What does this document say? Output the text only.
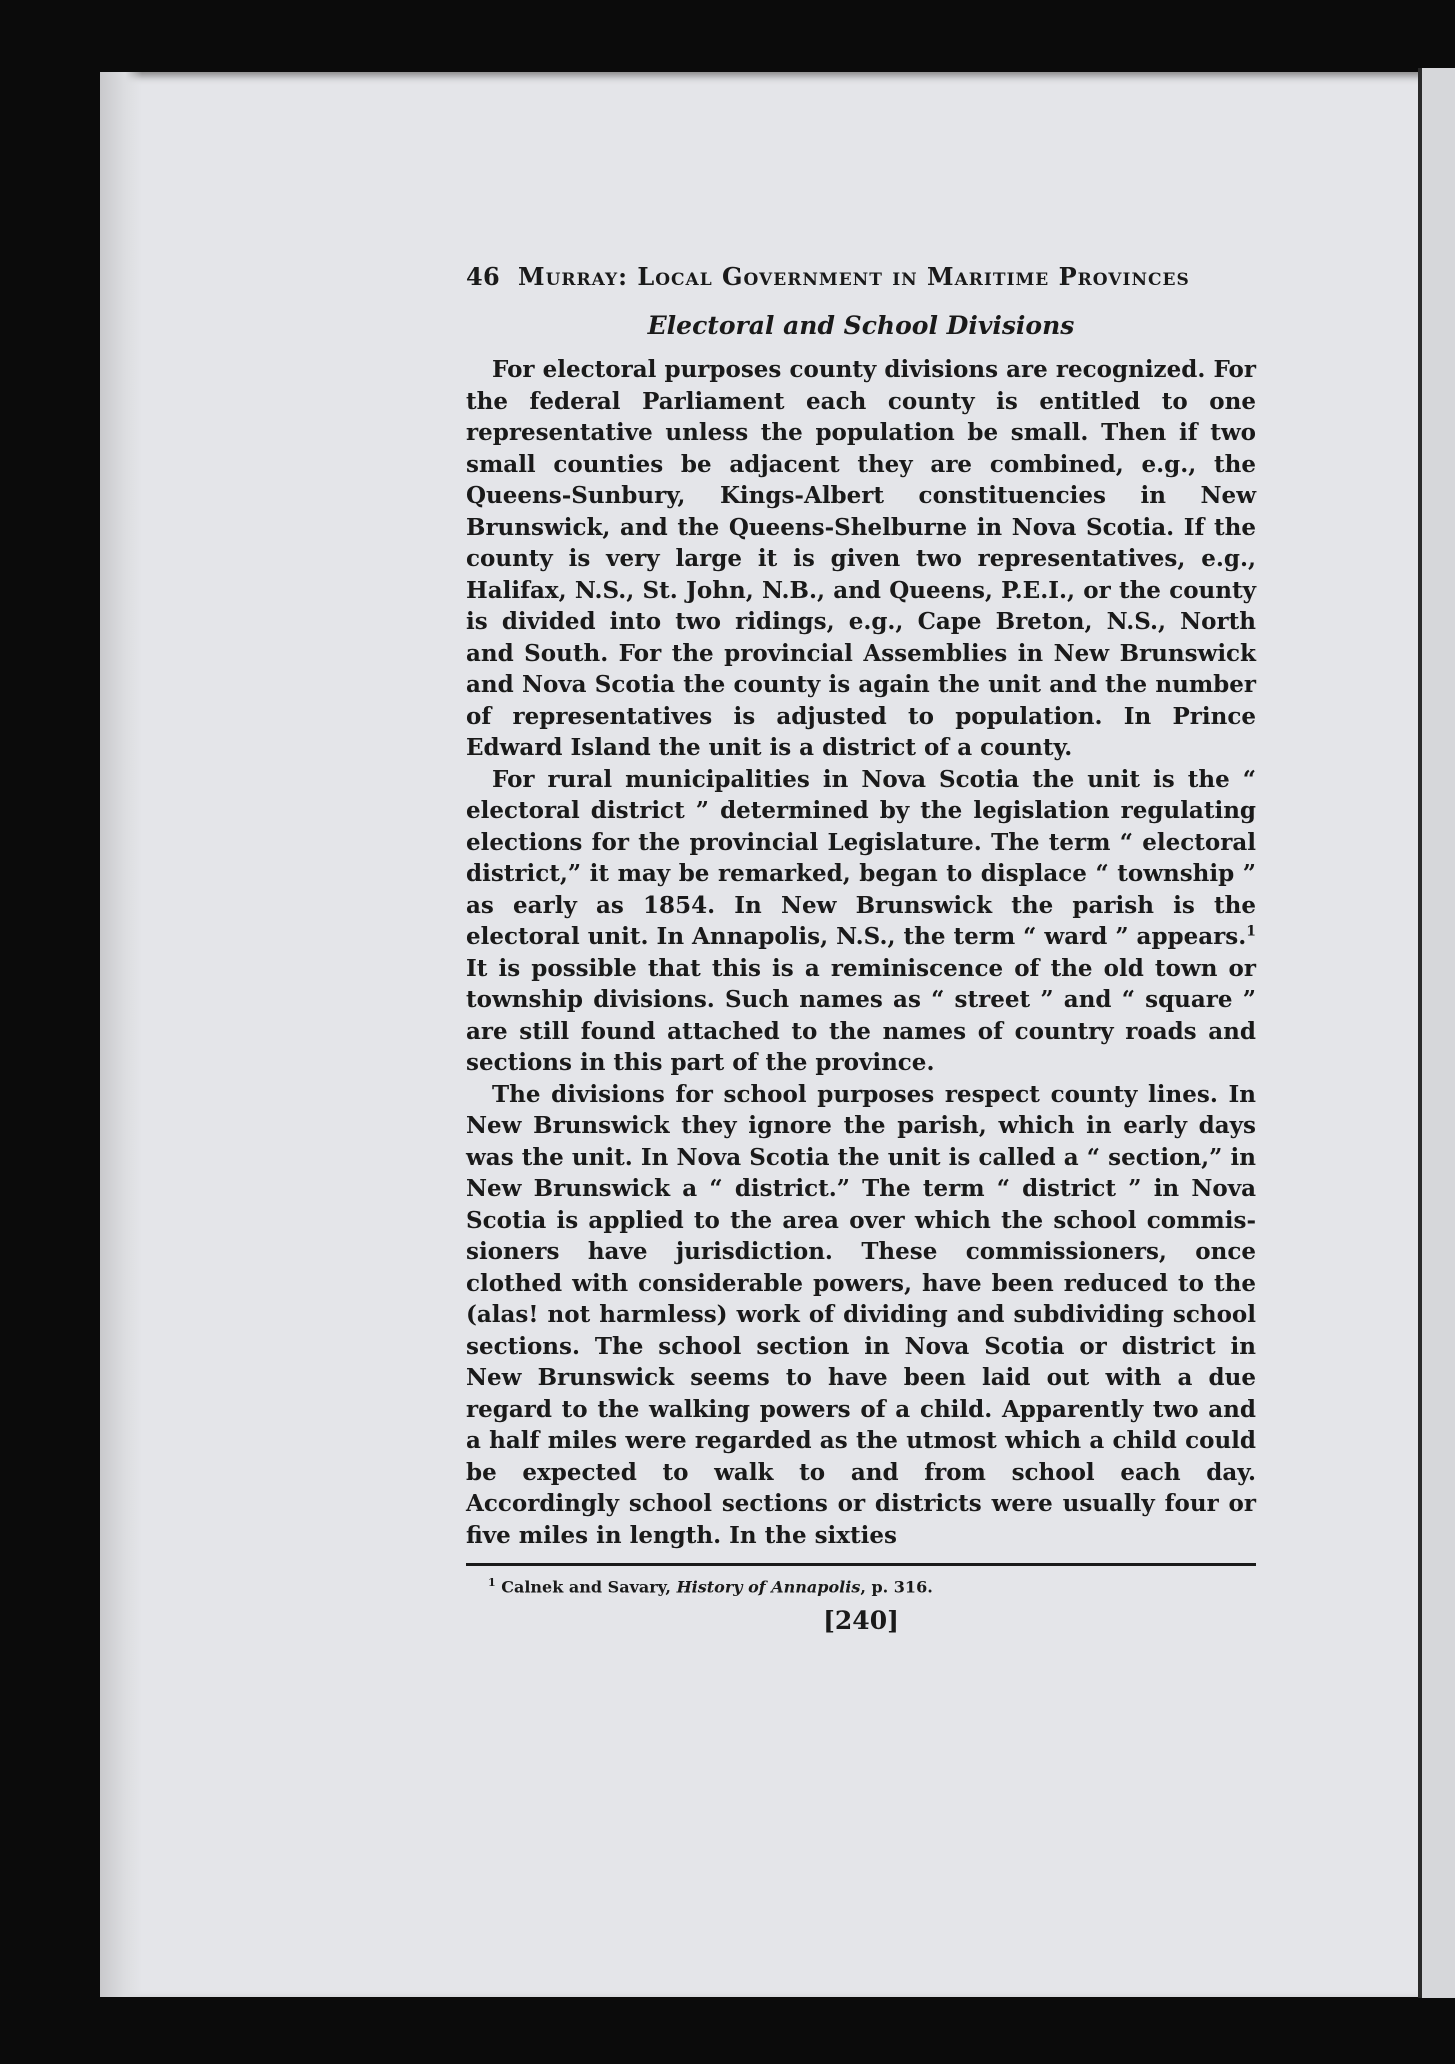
46 Murray: Local Government in Maritime Provinces
Electoral and School Divisions

For electoral purposes county divisions are recognized. For the federal Parliament each county is entitled to one representative unless the population be small. Then if two small counties be adjacent they are combined, e.g., the Queens-Sunbury, Kings-Albert constituencies in New Brunswick, and the Queens-Shelburne in Nova Scotia. If the county is very large it is given two representatives, e.g., Halifax, N.S., St. John, N.B., and Queens, P.E.I., or the county is divided into two ridings, e.g., Cape Breton, N.S., North and South. For the provincial Assemblies in New Brunswick and Nova Scotia the county is again the unit and the number of representatives is adjusted to population. In Prince Edward Island the unit is a district of a county.

For rural municipalities in Nova Scotia the unit is the “ electoral district ” determined by the legislation regulating elections for the provincial Legislature. The term “ electoral district,” it may be remarked, began to displace “ township ” as early as 1854. In New Brunswick the parish is the electoral unit. In Annapolis, N.S., the term “ ward ” appears.$^1$ It is possible that this is a reminiscence of the old town or township divisions. Such names as “ street ” and “ square ” are still found attached to the names of country roads and sections in this part of the province.

The divisions for school purposes respect county lines. In New Brunswick they ignore the parish, which in early days was the unit. In Nova Scotia the unit is called a “ section,” in New Brunswick a “ district.” The term “ district ” in Nova Scotia is applied to the area over which the school commissioners have jurisdiction. These commissioners, once clothed with considerable powers, have been reduced to the (alas! not harmless) work of dividing and subdividing school sections. The school section in Nova Scotia or district in New Brunswick seems to have been laid out with a due regard to the walking powers of a child. Apparently two and a half miles were regarded as the utmost which a child could be expected to walk to and from school each day. Accordingly school sections or districts were usually four or five miles in length. In the sixties

$^1$ Calnek and Savary, History of Annapolis, p. 316.
[240]
